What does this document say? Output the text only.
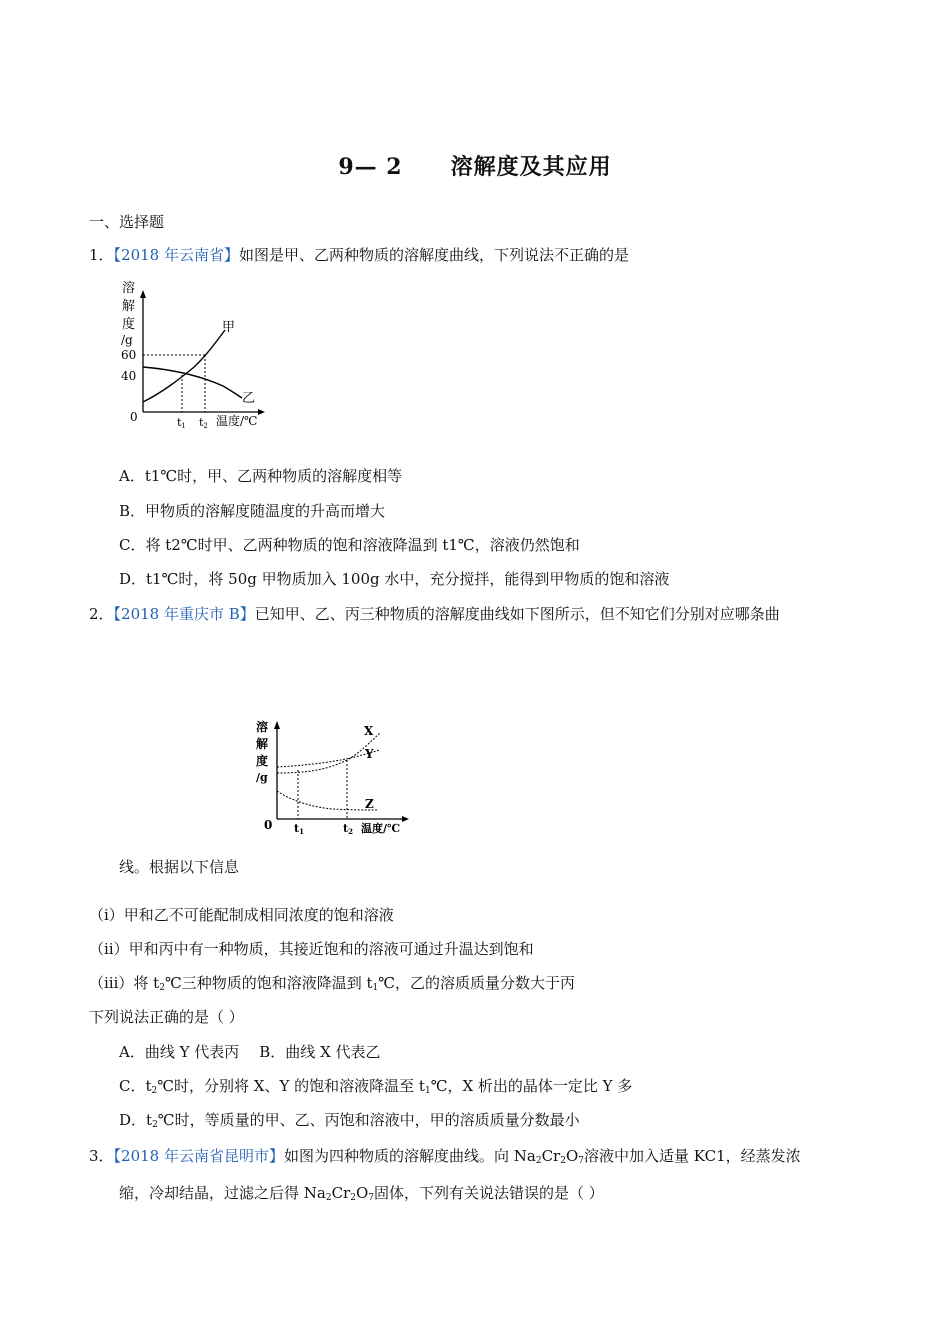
9— 2 溶解度及其应用
一、选择题
1．【2018 年云南省】如图是甲、乙两种物质的溶解度曲线，下列说法不正确的是
溶
解
度
/g
60
40
0
甲
乙
t1 t2 温度/℃
A．t1℃时，甲、乙两种物质的溶解度相等
B．甲物质的溶解度随温度的升高而增大
C．将 t2℃时甲、乙两种物质的饱和溶液降温到 t1℃，溶液仍然饱和
D．t1℃时，将 50g 甲物质加入 100g 水中，充分搅拌，能得到甲物质的饱和溶液
2．【2018 年重庆市 B】已知甲、乙、丙三种物质的溶解度曲线如下图所示，但不知它们分别对应哪条曲
溶
解
度
/g
0
X
Y
Z
t1	t2 温度/℃
线。根据以下信息
（ⅰ）甲和乙不可能配制成相同浓度的饱和溶液
（ⅱ）甲和丙中有一种物质，其接近饱和的溶液可通过升温达到饱和
（ⅲ）将 $t_2℃$三种物质的饱和溶液降温到 $t_1℃$，乙的溶质质量分数大于丙
下列说法正确的是（ ）
A．曲线 Y 代表丙 B．曲线 X 代表乙
C．$t_2℃$时，分别将 X、Y 的饱和溶液降温至 $t_1℃$，X 析出的晶体一定比 Y 多
D．$t_2℃$时，等质量的甲、乙、丙饱和溶液中，甲的溶质质量分数最小
3．【2018 年云南省昆明市】如图为四种物质的溶解度曲线。向 $Na_2Cr_2O_7$溶液中加入适量 KC1，经蒸发浓
缩，冷却结晶，过滤之后得 $Na_2Cr_2O_7$固体，下列有关说法错误的是（ ）
